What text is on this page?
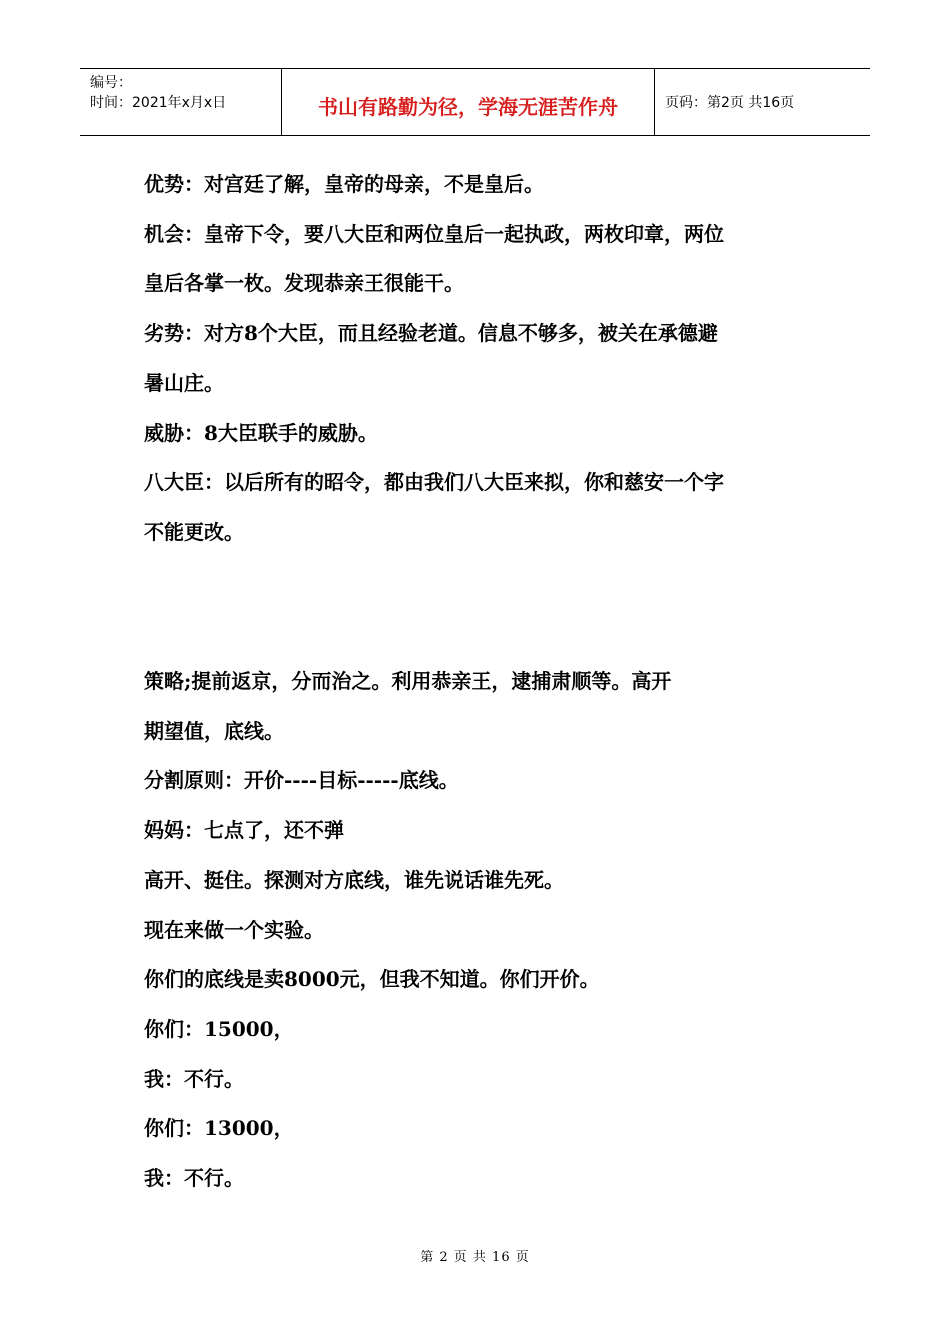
编号：
时间：2021年x月x日	书山有路勤为径，学海无涯苦作舟	页码：第2页 共16页

优势：对宫廷了解，皇帝的母亲，不是皇后。

机会：皇帝下令，要八大臣和两位皇后一起执政，两枚印章，两位

皇后各掌一枚。发现恭亲王很能干。

劣势：对方8个大臣，而且经验老道。信息不够多，被关在承德避

暑山庄。

威胁：8大臣联手的威胁。

八大臣：以后所有的昭令，都由我们八大臣来拟，你和慈安一个字

不能更改。

策略;提前返京，分而治之。利用恭亲王，逮捕肃顺等。高开

期望值，底线。

分割原则：开价----目标-----底线。

妈妈：七点了，还不弹

高开、挺住。探测对方底线，谁先说话谁先死。

现在来做一个实验。

你们的底线是卖8000元，但我不知道。你们开价。

你们：15000，

我：不行。

你们：13000，

我：不行。

第 2 页 共 16 页
